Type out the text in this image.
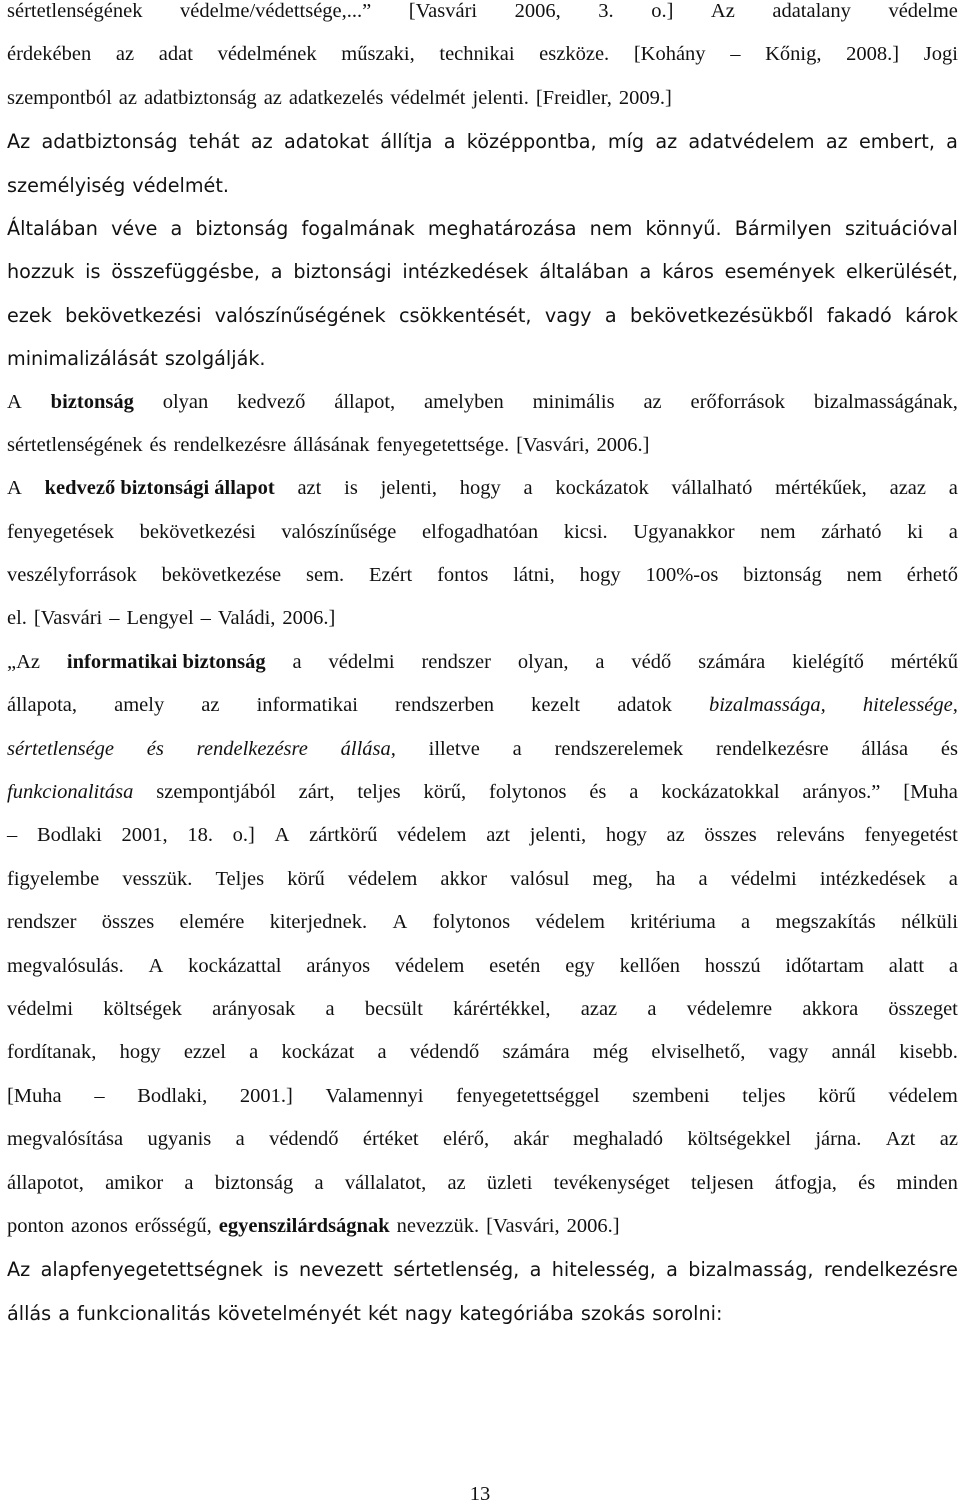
sértetlenségének védelme/védettsége,...” [Vasvári 2006, 3. o.] Az adatalany védelme
érdekében az adat védelmének műszaki, technikai eszköze. [Kohány – Kőnig, 2008.] Jogi
szempontból az adatbiztonság az adatkezelés védelmét jelenti. [Freidler, 2009.]
Az adatbiztonság tehát az adatokat állítja a középpontba, míg az adatvédelem az embert, a
személyiség védelmét.
Általában véve a biztonság fogalmának meghatározása nem könnyű. Bármilyen szituációval
hozzuk is összefüggésbe, a biztonsági intézkedések általában a káros események elkerülését,
ezek bekövetkezési valószínűségének csökkentését, vagy a bekövetkezésükből fakadó károk
minimalizálását szolgálják.
A biztonság olyan kedvező állapot, amelyben minimális az erőforrások bizalmasságának,
sértetlenségének és rendelkezésre állásának fenyegetettsége. [Vasvári, 2006.]
A kedvező biztonsági állapot azt is jelenti, hogy a kockázatok vállalható mértékűek, azaz a
fenyegetések bekövetkezési valószínűsége elfogadhatóan kicsi. Ugyanakkor nem zárható ki a
veszélyforrások bekövetkezése sem. Ezért fontos látni, hogy 100%-os biztonság nem érhető
el. [Vasvári – Lengyel – Valádi, 2006.]
„Az informatikai biztonság a védelmi rendszer olyan, a védő számára kielégítő mértékű
állapota, amely az informatikai rendszerben kezelt adatok bizalmassága, hitelessége,
sértetlensége és rendelkezésre állása, illetve a rendszerelemek rendelkezésre állása és
funkcionalitása szempontjából zárt, teljes körű, folytonos és a kockázatokkal arányos.” [Muha
– Bodlaki 2001, 18. o.] A zártkörű védelem azt jelenti, hogy az összes releváns fenyegetést
figyelembe vesszük. Teljes körű védelem akkor valósul meg, ha a védelmi intézkedések a
rendszer összes elemére kiterjednek. A folytonos védelem kritériuma a megszakítás nélküli
megvalósulás. A kockázattal arányos védelem esetén egy kellően hosszú időtartam alatt a
védelmi költségek arányosak a becsült kárértékkel, azaz a védelemre akkora összeget
fordítanak, hogy ezzel a kockázat a védendő számára még elviselhető, vagy annál kisebb.
[Muha – Bodlaki, 2001.] Valamennyi fenyegetettséggel szembeni teljes körű védelem
megvalósítása ugyanis a védendő értéket elérő, akár meghaladó költségekkel járna. Azt az
állapotot, amikor a biztonság a vállalatot, az üzleti tevékenységet teljesen átfogja, és minden
ponton azonos erősségű, egyenszilárdságnak nevezzük. [Vasvári, 2006.]
Az alapfenyegetettségnek is nevezett sértetlenség, a hitelesség, a bizalmasság, rendelkezésre
állás a funkcionalitás követelményét két nagy kategóriába szokás sorolni:
13
